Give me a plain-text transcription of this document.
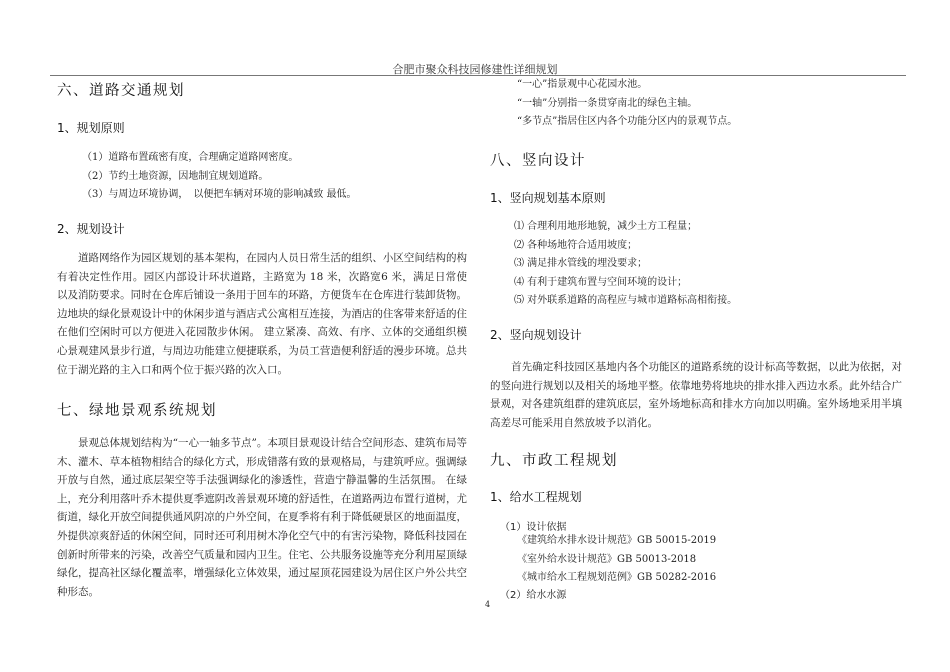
合肥市聚众科技园修建性详细规划
六、道路交通规划
1、规划原则
（1）道路布置疏密有度，合理确定道路网密度。
（2）节约土地资源，因地制宜规划道路。
（3）与周边环境协调，　以便把车辆对环境的影响减致 最低。
2、规划设计
　　道路网络作为园区规划的基本架构，在园内人员日常生活的组织、小区空间结构的构
有着决定性作用。园区内部设计环状道路，主路宽为 18 米，次路宽6 米，满足日常使
以及消防要求。同时在仓库后铺设一条用于回车的环路，方便货车在仓库进行装卸货物。
边地块的绿化景观设计中的休闲步道与酒店式公寓相互连接，为酒店的住客带来舒适的住
在他们空闲时可以方便进入花园散步休闲。 建立紧凑、高效、有序、立体的交通组织模
心景观建风景步行道，与周边功能建立便捷联系，为员工营造便利舒适的漫步环境。总共
位于湖光路的主入口和两个位于振兴路的次入口。
七、绿地景观系统规划
　　景观总体规划结构为“一心一轴多节点”。本项目景观设计结合空间形态、建筑布局等
木、灌木、草本植物相结合的绿化方式，形成错落有致的景观格局，与建筑呼应。强调绿
开放与自然，通过底层架空等手法强调绿化的渗透性，营造宁静温馨的生活氛围。 在绿
上，充分利用落叶乔木提供夏季遮阴改善景观环境的舒适性，在道路两边布置行道树，尤
街道，绿化开放空间提供通风阴凉的户外空间，在夏季将有利于降低硬景区的地面温度，
外提供凉爽舒适的休闲空间，同时还可利用树木净化空气中的有害污染物，降低科技园在
创新时所带来的污染，改善空气质量和园内卫生。住宅、公共服务设施等充分利用屋顶绿
绿化，提高社区绿化覆盖率，增强绿化立体效果，通过屋顶花园建设为居住区户外公共空
种形态。
“一心”指景观中心花园水池。
“一轴”分别指一条贯穿南北的绿色主轴。
“多节点”指居住区内各个功能分区内的景观节点。
八、竖向设计
1、竖向规划基本原则
⑴ 合理利用地形地貌，减少土方工程量；
⑵ 各种场地符合适用坡度；
⑶ 满足排水管线的埋没要求；
⑷ 有利于建筑布置与空间环境的设计；
⑸ 对外联系道路的高程应与城市道路标高相衔接。
2、竖向规划设计
　　首先确定科技园区基地内各个功能区的道路系统的设计标高等数据，以此为依据，对
的竖向进行规划以及相关的场地平整。依靠地势将地块的排水排入西边水系。此外结合广
景观，对各建筑组群的建筑底层，室外场地标高和排水方向加以明确。室外场地采用半填
高差尽可能采用自然放坡予以消化。
九、市政工程规划
1、给水工程规划
（1）设计依据
《建筑给水排水设计规范》GB 50015-2019
《室外给水设计规范》GB 50013-2018
《城市给水工程规划范例》GB 50282-2016
（2）给水水源
4
